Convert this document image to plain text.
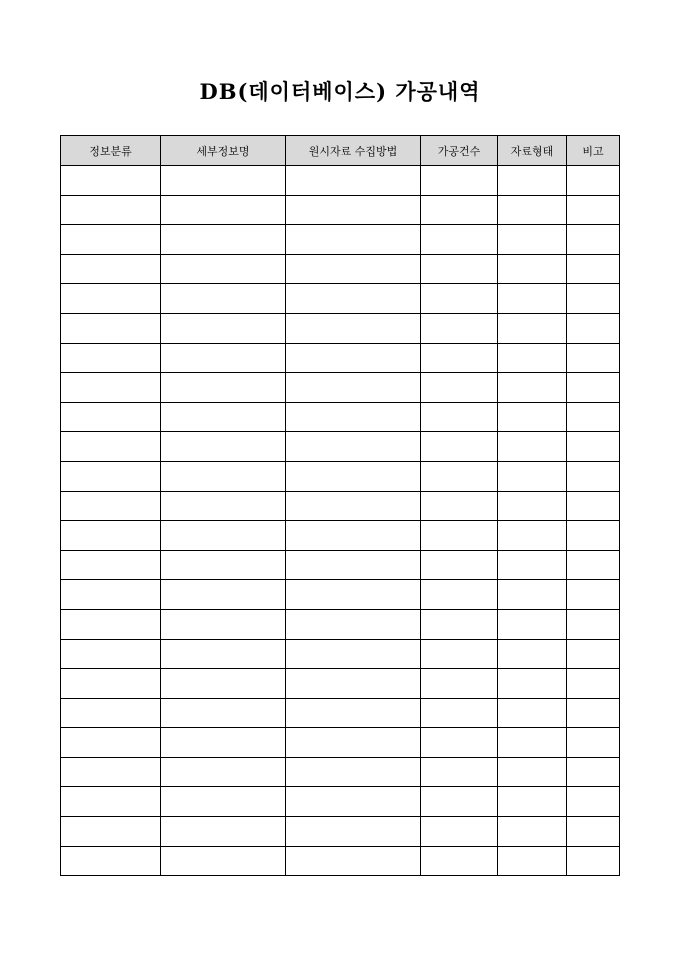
DB(데이터베이스) 가공내역
정보분류	세부정보명	원시자료 수집방법	가공건수	자료형태	비고
